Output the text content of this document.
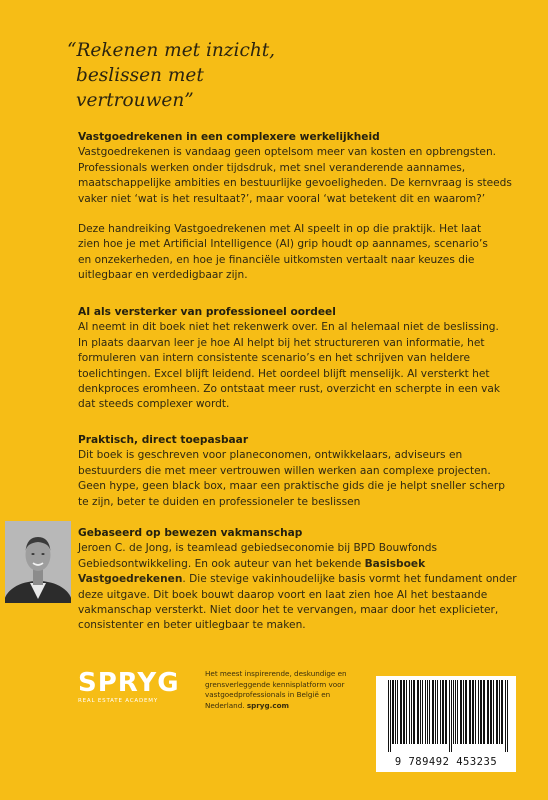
“Rekenen met inzicht,
beslissen met
vertrouwen”
Vastgoedrekenen in een complexere werkelijkheid

Vastgoedrekenen is vandaag geen optelsom meer van kosten en opbrengsten.
Professionals werken onder tijdsdruk, met snel veranderende aannames,
maatschappelijke ambities en bestuurlijke gevoeligheden. De kernvraag is steeds
vaker niet ‘wat is het resultaat?’, maar vooral ‘wat betekent dit en waarom?’

Deze handreiking Vastgoedrekenen met AI speelt in op die praktijk. Het laat
zien hoe je met Artificial Intelligence (AI) grip houdt op aannames, scenario’s
en onzekerheden, en hoe je financiële uitkomsten vertaalt naar keuzes die
uitlegbaar en verdedigbaar zijn.

AI als versterker van professioneel oordeel

AI neemt in dit boek niet het rekenwerk over. En al helemaal niet de beslissing.
In plaats daarvan leer je hoe AI helpt bij het structureren van informatie, het
formuleren van intern consistente scenario’s en het schrijven van heldere
toelichtingen. Excel blijft leidend. Het oordeel blijft menselijk. AI versterkt het
denkproces eromheen. Zo ontstaat meer rust, overzicht en scherpte in een vak
dat steeds complexer wordt.

Praktisch, direct toepasbaar

Dit boek is geschreven voor planeconomen, ontwikkelaars, adviseurs en
bestuurders die met meer vertrouwen willen werken aan complexe projecten.
Geen hype, geen black box, maar een praktische gids die je helpt sneller scherp
te zijn, beter te duiden en professioneler te beslissen

Gebaseerd op bewezen vakmanschap

Jeroen C. de Jong, is teamlead gebiedseconomie bij BPD Bouwfonds
Gebiedsontwikkeling. En ook auteur van het bekende Basisboek
Vastgoedrekenen. Die stevige vakinhoudelijke basis vormt het fundament onder
deze uitgave. Dit boek bouwt daarop voort en laat zien hoe AI het bestaande
vakmanschap versterkt. Niet door het te vervangen, maar door het explicieter,
consistenter en beter uitlegbaar te maken.

SPRYG
REAL ESTATE ACADEMY
Het meest inspirerende, deskundige en
grensverleggende kennisplatform voor
vastgoedprofessionals in België en
Nederland. spryg.com
9 789492 453235
